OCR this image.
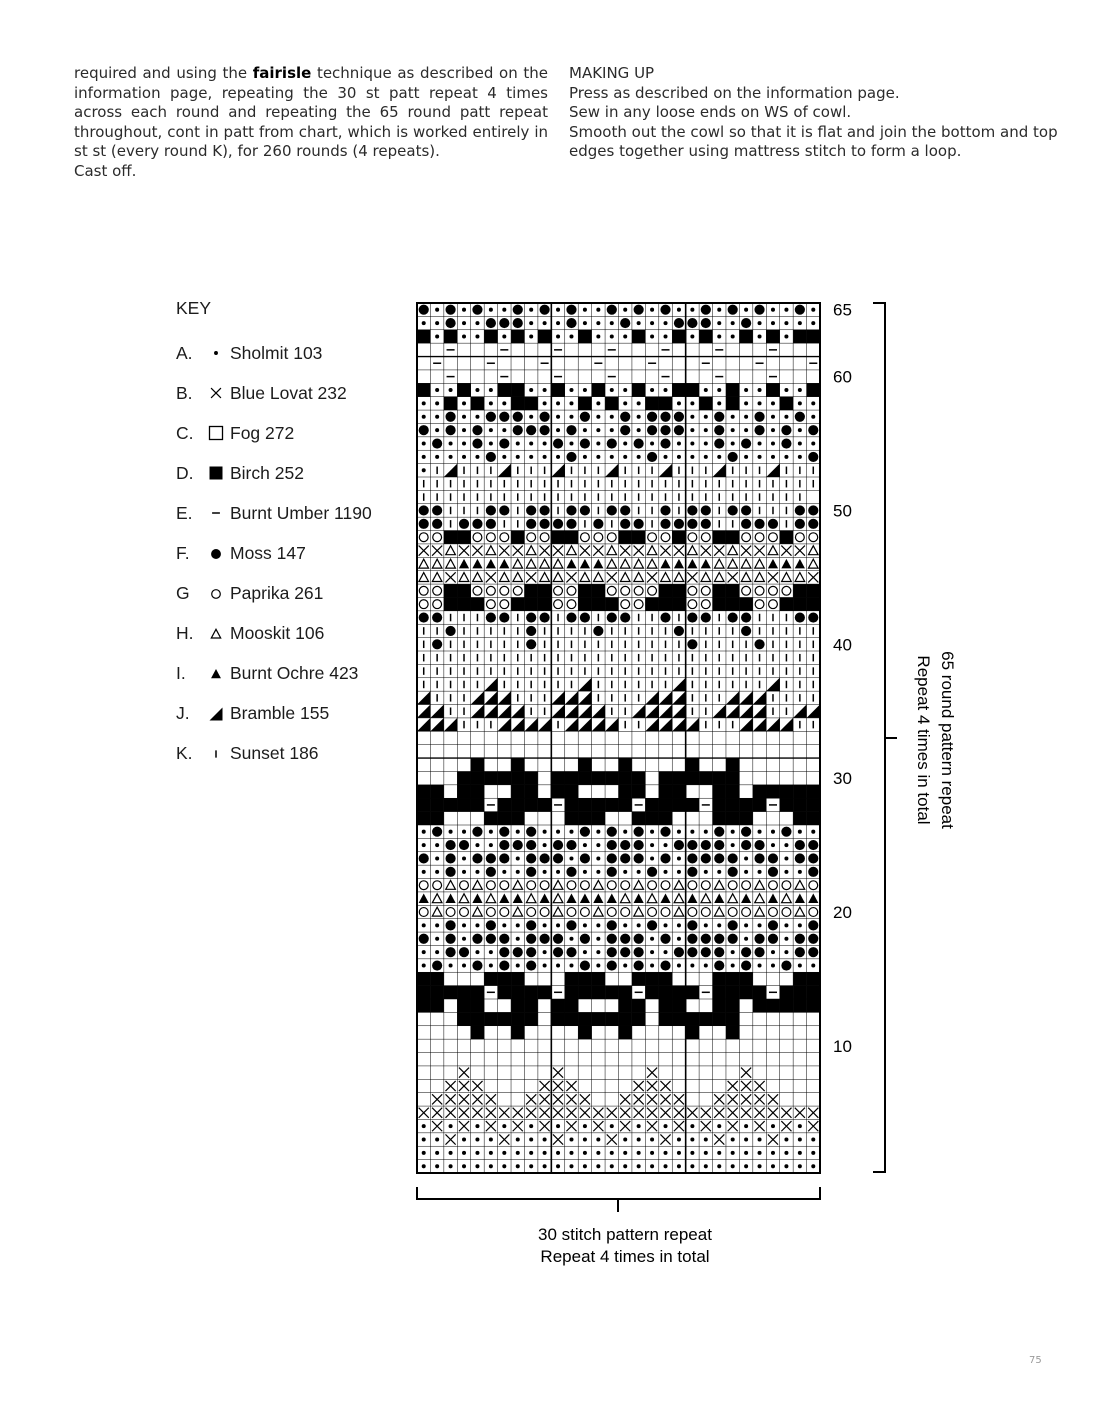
required and using the fairisle technique as described on the information page, repeating the 30 st patt repeat 4 times across each round and repeating the 65 round patt repeat throughout, cont in patt from chart, which is worked entirely in st st (every round K), for 260 rounds (4 repeats).

Cast off.

MAKING UP

Press as described on the information page.

Sew in any loose ends on WS of cowl.

Smooth out the cowl so that it is flat and join the bottom and top edges together using mattress stitch to form a loop.

KEY
A.	Sholmit 103
B.	Blue Lovat 232
C.	Fog 272
D.	Birch 252
E.	Burnt Umber 1190
F.	Moss 147
G	Paprika 261
H.	Mooskit 106
I.	Burnt Ochre 423
J.	Bramble 155
K.	Sunset 186
10
20
30
40
50
60
65
65 round pattern repeat
Repeat 4 times in total
30 stitch pattern repeat
Repeat 4 times in total
75
